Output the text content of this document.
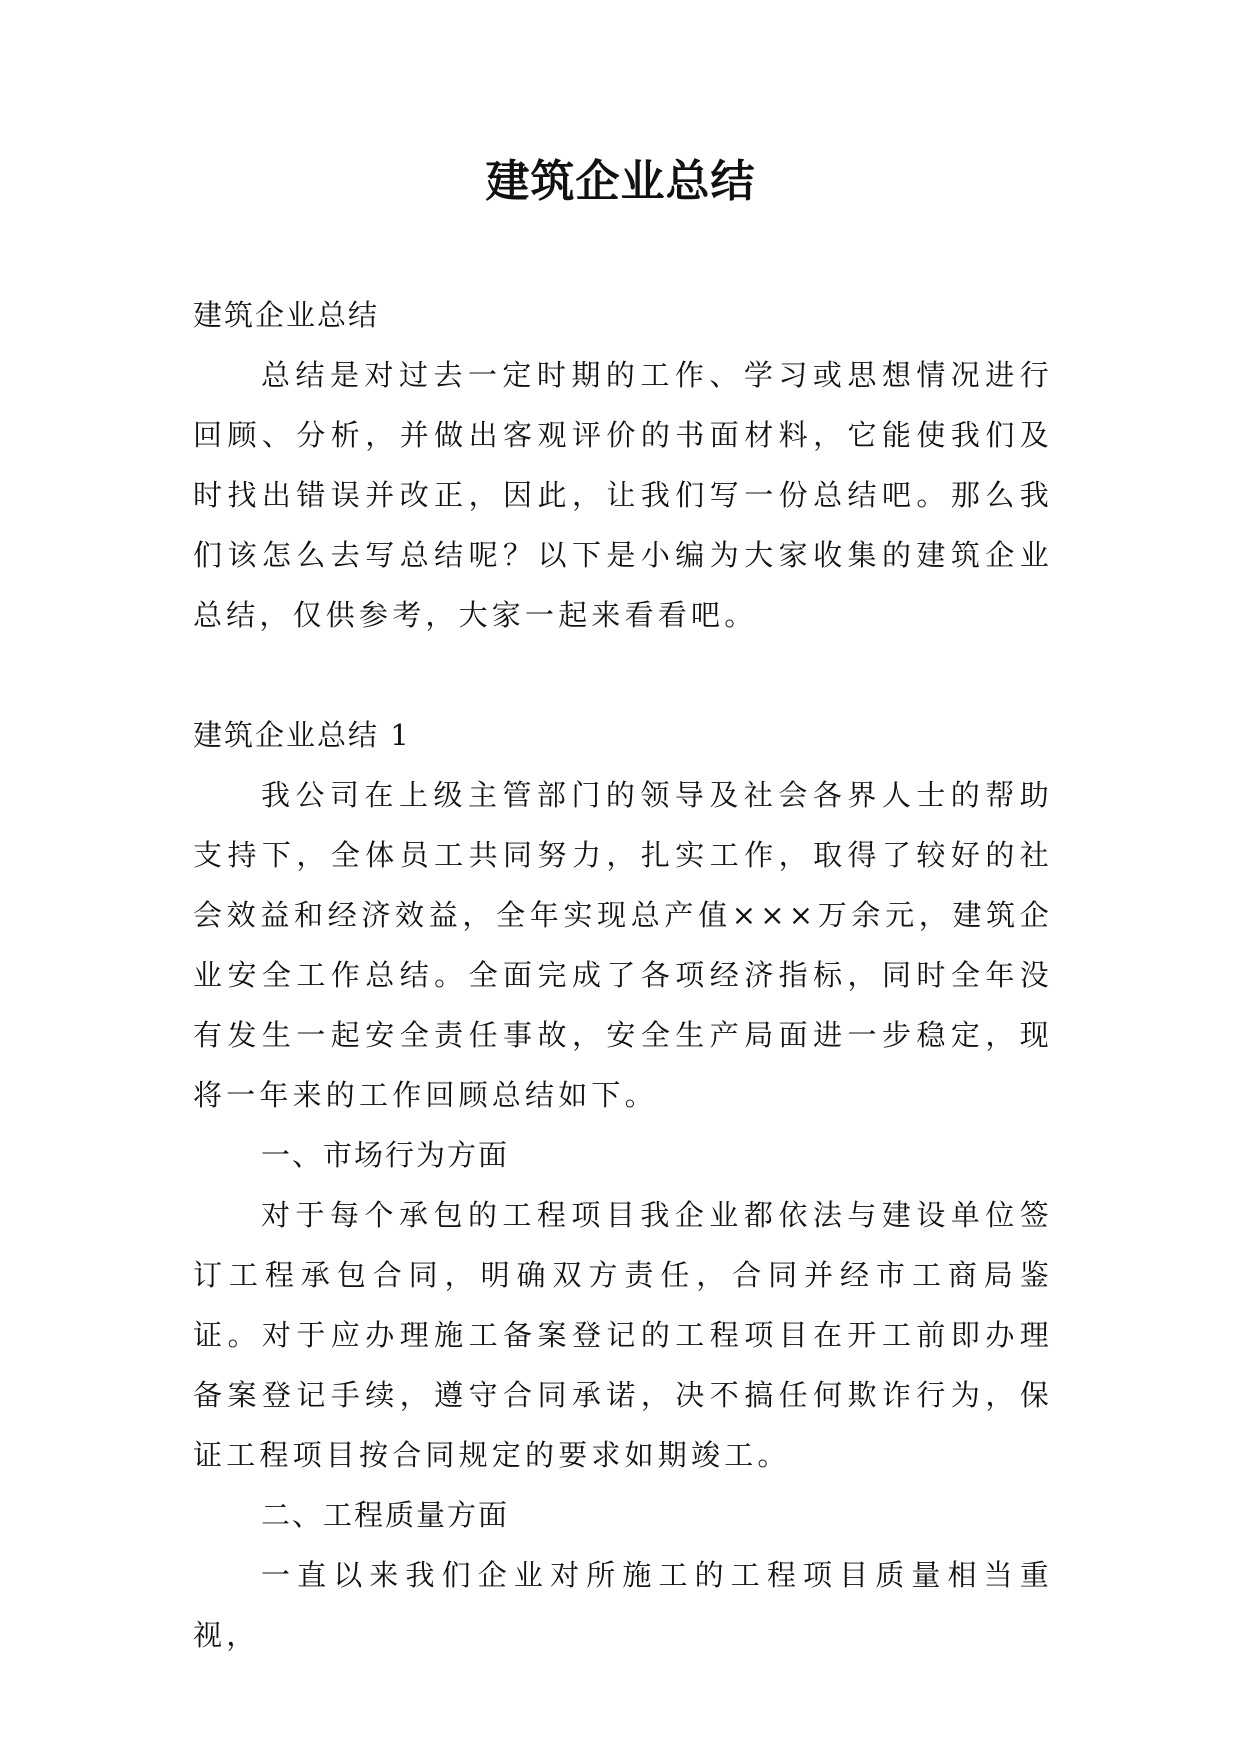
建筑企业总结

建筑企业总结

总结是对过去一定时期的工作、学习或思想情况进行回顾、分析，并做出客观评价的书面材料，它能使我们及时找出错误并改正，因此，让我们写一份总结吧。那么我们该怎么去写总结呢？以下是小编为大家收集的建筑企业总结，仅供参考，大家一起来看看吧。

建筑企业总结 1

我公司在上级主管部门的领导及社会各界人士的帮助支持下，全体员工共同努力，扎实工作，取得了较好的社会效益和经济效益，全年实现总产值×××万余元，建筑企业安全工作总结。全面完成了各项经济指标，同时全年没有发生一起安全责任事故，安全生产局面进一步稳定，现将一年来的工作回顾总结如下。

一、市场行为方面

对于每个承包的工程项目我企业都依法与建设单位签订工程承包合同，明确双方责任，合同并经市工商局鉴证。对于应办理施工备案登记的工程项目在开工前即办理备案登记手续，遵守合同承诺，决不搞任何欺诈行为，保证工程项目按合同规定的要求如期竣工。

二、工程质量方面

一直以来我们企业对所施工的工程项目质量相当重视，
